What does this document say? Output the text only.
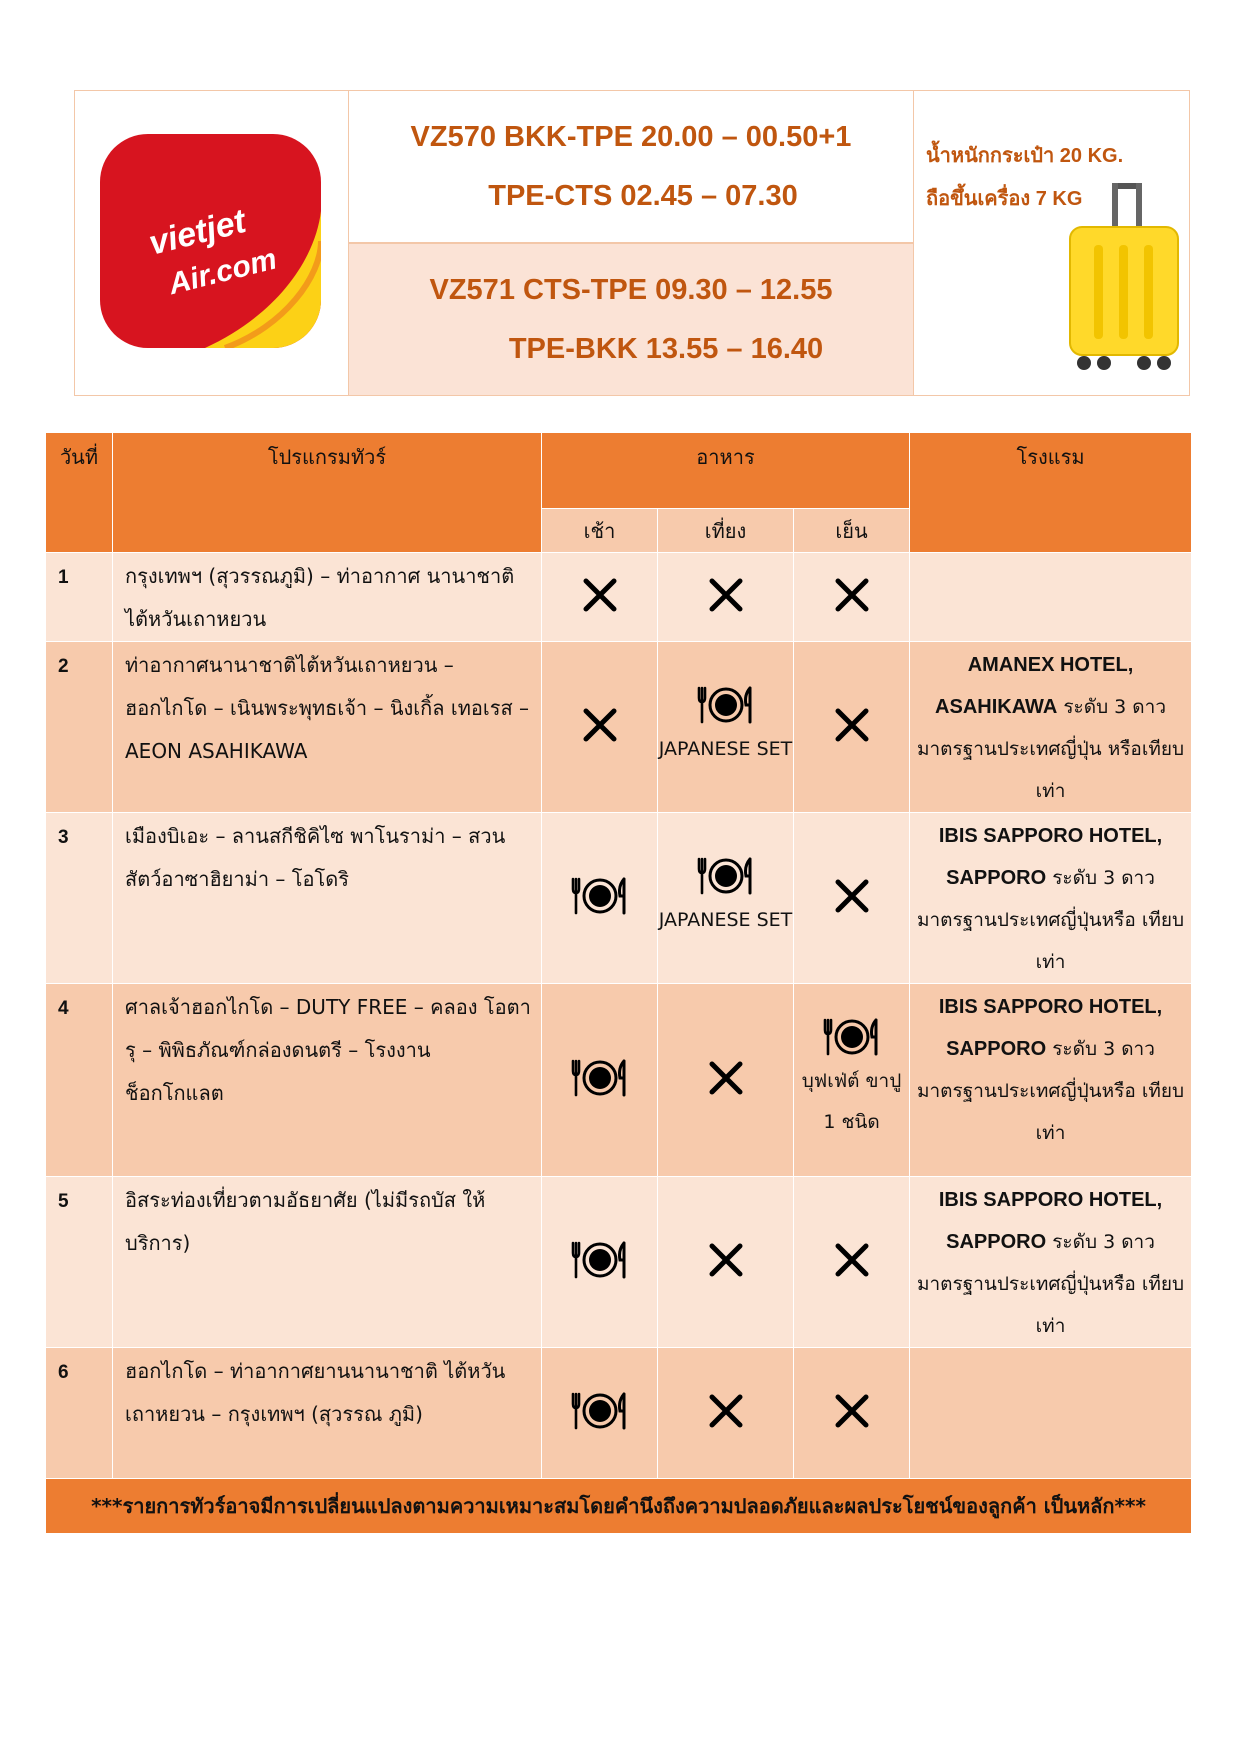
vietjet
Air.com
VZ570 BKK-TPE 20.00 – 00.50+1
TPE-CTS 02.45 – 07.30
VZ571 CTS-TPE 09.30 – 12.55
TPE-BKK 13.55 – 16.40
น้ำหนักกระเป๋า 20 KG.
ถือขึ้นเครื่อง 7 KG
วันที่	โปรแกรมทัวร์	อาหาร			โรงแรม
		เช้า	เที่ยง	เย็น	
1	กรุงเทพฯ (สุวรรณภูมิ) – ท่าอากาศ นานาชาติไต้หวันเถาหยวน	

2	ท่าอากาศนานาชาติไต้หวันเถาหยวน – ฮอกไกโด – เนินพระพุทธเจ้า – นิงเกิ้ล เทอเรส – AEON ASAHIKAWA		JAPANESE SET		AMANEX HOTEL, ASAHIKAWA ระดับ 3 ดาวมาตรฐานประเทศญี่ปุ่น หรือเทียบเท่า
3	เมืองบิเอะ – ลานสกีชิคิไซ พาโนราม่า – สวนสัตว์อาซาฮิยาม่า – โอโดริ		JAPANESE SET		IBIS SAPPORO HOTEL, SAPPORO ระดับ 3 ดาว มาตรฐานประเทศญี่ปุ่นหรือ เทียบเท่า
4	ศาลเจ้าฮอกไกโด – DUTY FREE – คลอง โอตารุ – พิพิธภัณฑ์กล่องดนตรี – โรงงาน ช็อกโกแลต			บุฟเฟ่ต์ ขาปู 1 ชนิด	IBIS SAPPORO HOTEL, SAPPORO ระดับ 3 ดาว มาตรฐานประเทศญี่ปุ่นหรือ เทียบเท่า
5	อิสระท่องเที่ยวตามอัธยาศัย (ไม่มีรถบัส ให้บริการ)				IBIS SAPPORO HOTEL, SAPPORO ระดับ 3 ดาว มาตรฐานประเทศญี่ปุ่นหรือ เทียบเท่า
6	ฮอกไกโด – ท่าอากาศยานนานาชาติ ไต้หวันเถาหยวน – กรุงเทพฯ (สุวรรณ ภูมิ)	

***รายการทัวร์อาจมีการเปลี่ยนแปลงตามความเหมาะสมโดยคำนึงถึงความปลอดภัยและผลประโยชน์ของลูกค้า เป็นหลัก***					
